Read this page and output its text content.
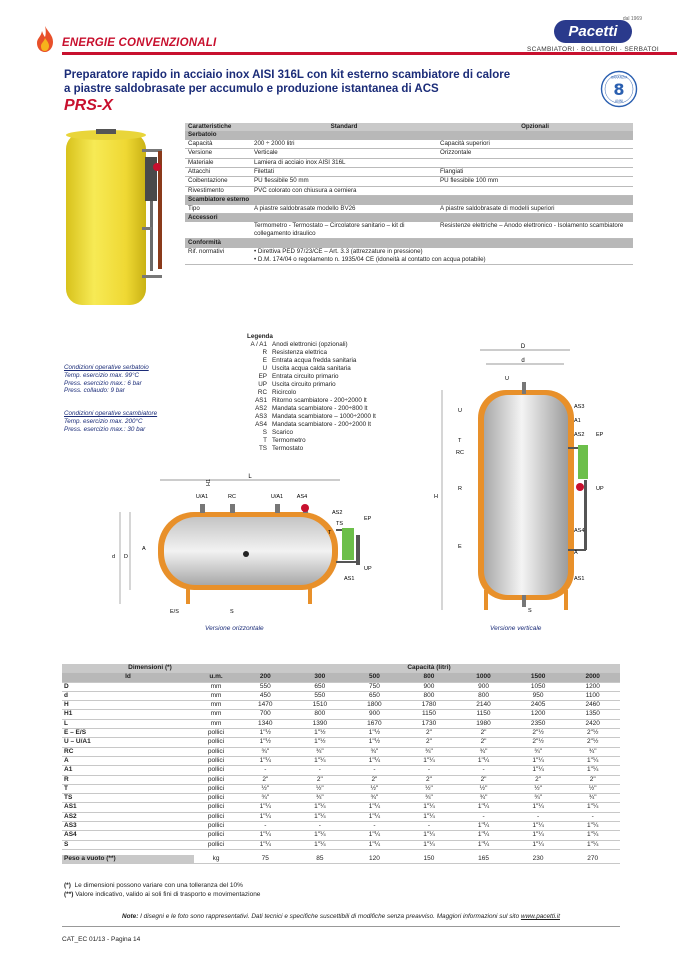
ENERGIE CONVENZIONALI
dal 1969
Pacetti
SCAMBIATORI · BOLLITORI · SERBATOI
Preparatore rapido in acciaio inox AISI 316L con kit esterno scambiatore di calore
a piastre saldobrasate per accumulo e produzione istantanea di ACS
PRS-X
GARANZIA
8
ANNI
Caratteristiche	Standard	Opzionali
Serbatoio		
Capacità	200 ÷ 2000 litri	Capacità superiori
Versione	Verticale	Orizzontale
Materiale	Lamiera di acciaio inox AISI 316L	
Attacchi	Filettati	Flangiati
Coibentazione	PU flessibile 50 mm	PU flessibile 100 mm
Rivestimento	PVC colorato con chiusura a cerniera	
Scambiatore esterno		
Tipo	A piastre saldobrasate modello BV26	A piastre saldobrasate di modelli superiori
Accessori		
	Termometro - Termostato – Circolatore sanitario – kit di collegamento idraulico	Resistenze elettriche – Anodo elettronico - Isolamento scambiatore
Conformità		
Rif. normativi	• Direttiva PED 97/23/CE – Art. 3.3 (attrezzature in pressione)
• D.M. 174/04 o regolamento n. 1935/04 CE (idoneità al contatto con acqua potabile)	
Condizioni operative serbatoio
Temp. esercizio max. 99°C
Press. esercizio max.: 6 bar
Press. collaudo: 9 bar
Condizioni operative scambiatore
Temp. esercizio max. 200°C
Press. esercizio max.: 30 bar
Legenda
A / A1 Anodi elettronici (opzionali)
R Resistenza elettrica
E Entrata acqua fredda sanitaria
U Uscita acqua calda sanitaria
EP Entrata circuito primario
UP Uscita circuito primario
RC Ricircolo
AS1 Ritorno scambiatore - 200÷2000 lt
AS2 Mandata scambiatore - 200÷800 lt
AS3 Mandata scambiatore – 1000÷2000 lt
AS4 Mandata scambiatore - 200÷2000 lt
S Scarico
T Termometro
TS Termostato
L
U/A1	RC	U/A1 AS4
AS2
TS
T
EP
UP
AS1
A
d D
H1
E/S	S
Versione orizzontale
D
d
U
AS3
A1
AS2 EP
U
T
RC
R	UP
AS4
E
A
AS1
H
S
Versione verticale
Dimensioni (*)		Capacità (litri)						
Id	u.m.	200	300	500	800	1000	1500	2000
D	mm	550	650	750	900	900	1050	1200
d	mm	450	550	650	800	800	950	1100
H	mm	1470	1510	1800	1780	2140	2405	2460
H1	mm	700	800	900	1150	1150	1200	1350
L	mm	1340	1390	1670	1730	1980	2350	2420
E – E/S	pollici	1"½	1"½	1"½	2"	2"	2"½	2"½
U – U/A1	pollici	1"½	1"½	1"½	2"	2"	2"½	2"½
RC	pollici	¾"	¾"	¾"	¾"	¾"	¾"	¾"
A	pollici	1"¼	1"¼	1"¼	1"¼	1"¼	1"¼	1"¼
A1	pollici	-	-	-	-	-	1"¼	1"¼
R	pollici	2"	2"	2"	2"	2"	2"	2"
T	pollici	½"	½"	½"	½"	½"	½"	½"
TS	pollici	¾"	¾"	¾"	¾"	¾"	¾"	¾"
AS1	pollici	1"¼	1"¼	1"¼	1"¼	1"¼	1"¼	1"¼
AS2	pollici	1"¼	1"¼	1"¼	1"¼	-	-	-
AS3	pollici	-	-	-	-	1"¼	1"¼	1"¼
AS4	pollici	1"¼	1"¼	1"¼	1"¼	1"¼	1"¼	1"¼
S	pollici	1"¼	1"¼	1"¼	1"¼	1"¼	1"¼	1"¼

Peso a vuoto (**)	kg	75	85	120	150	165	230	270
(*) Le dimensioni possono variare con una tolleranza del 10%
(**) Valore indicativo, valido ai soli fini di trasporto e movimentazione
Note: I disegni e le foto sono rappresentativi. Dati tecnici e specifiche suscettibili di modifiche senza preavviso. Maggiori informazioni sul sito www.pacetti.it
CAT_EC 01/13 - Pagina 14
